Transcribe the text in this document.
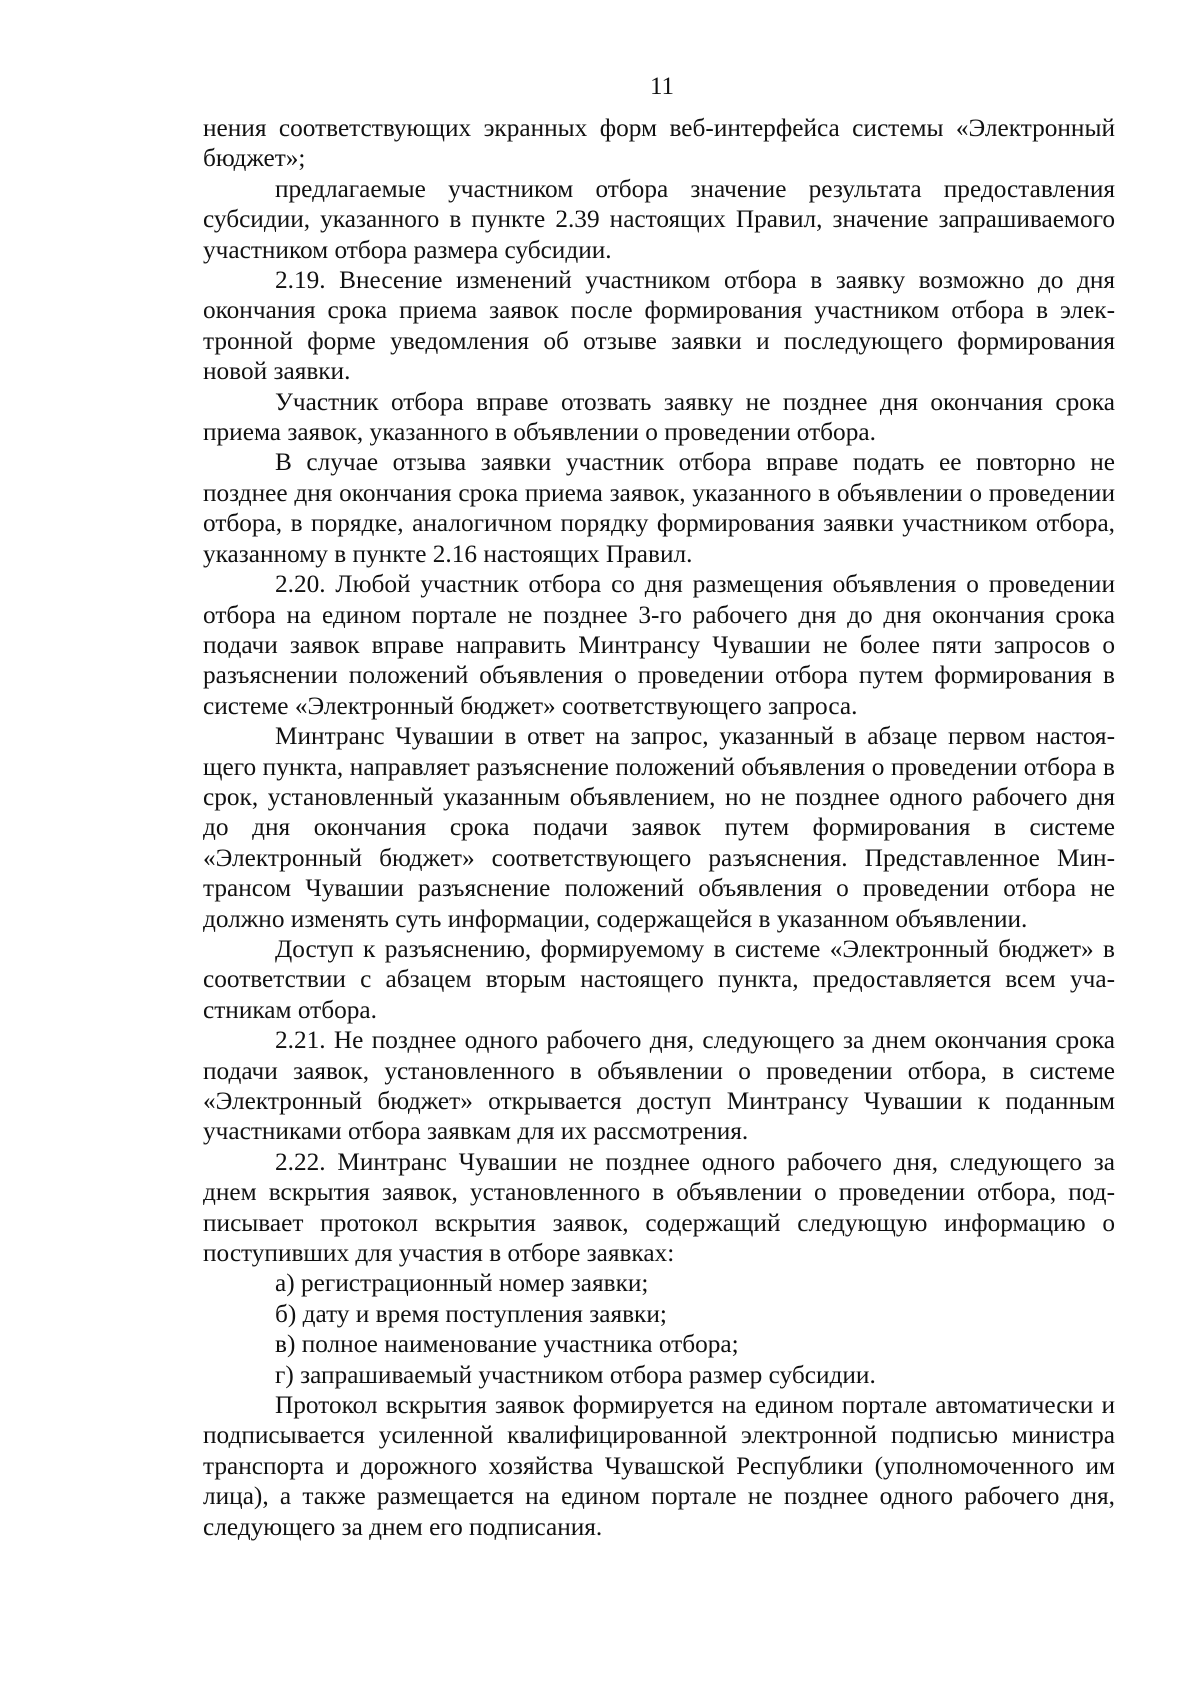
11

нения соответствующих экранных форм веб-интерфейса системы «Электронный бюджет»;

предлагаемые участником отбора значение результата предоставления субсидии, указанного в пункте 2.39 настоящих Правил, значение запрашиваемого участником отбора размера субсидии.

2.19. Внесение изменений участником отбора в заявку возможно до дня окончания срока приема заявок после формирования участником отбора в электронной форме уведомления об отзыве заявки и последующего формирования новой заявки.

Участник отбора вправе отозвать заявку не позднее дня окончания срока приема заявок, указанного в объявлении о проведении отбора.

В случае отзыва заявки участник отбора вправе подать ее повторно не позднее дня окончания срока приема заявок, указанного в объявлении о проведении отбора, в порядке, аналогичном порядку формирования заявки участником отбора, указанному в пункте 2.16 настоящих Правил.

2.20. Любой участник отбора со дня размещения объявления о проведении отбора на едином портале не позднее 3-го рабочего дня до дня окончания срока подачи заявок вправе направить Минтрансу Чувашии не более пяти запросов о разъяснении положений объявления о проведении отбора путем формирования в системе «Электронный бюджет» соответствующего запроса.

Минтранс Чувашии в ответ на запрос, указанный в абзаце первом настоящего пункта, направляет разъяснение положений объявления о проведении отбора в срок, установленный указанным объявлением, но не позднее одного рабочего дня до дня окончания срока подачи заявок путем формирования в системе «Электронный бюджет» соответствующего разъяснения. Представленное Минтрансом Чувашии разъяснение положений объявления о проведении отбора не должно изменять суть информации, содержащейся в указанном объявлении.

Доступ к разъяснению, формируемому в системе «Электронный бюджет» в соответствии с абзацем вторым настоящего пункта, предоставляется всем участникам отбора.

2.21. Не позднее одного рабочего дня, следующего за днем окончания срока подачи заявок, установленного в объявлении о проведении отбора, в системе «Электронный бюджет» открывается доступ Минтрансу Чувашии к поданным участниками отбора заявкам для их рассмотрения.

2.22. Минтранс Чувашии не позднее одного рабочего дня, следующего за днем вскрытия заявок, установленного в объявлении о проведении отбора, подписывает протокол вскрытия заявок, содержащий следующую информацию о поступивших для участия в отборе заявках:

а) регистрационный номер заявки;

б) дату и время поступления заявки;

в) полное наименование участника отбора;

г) запрашиваемый участником отбора размер субсидии.

Протокол вскрытия заявок формируется на едином портале автоматически и подписывается усиленной квалифицированной электронной подписью министра транспорта и дорожного хозяйства Чувашской Республики (уполномоченного им лица), а также размещается на едином портале не позднее одного рабочего дня, следующего за днем его подписания.
